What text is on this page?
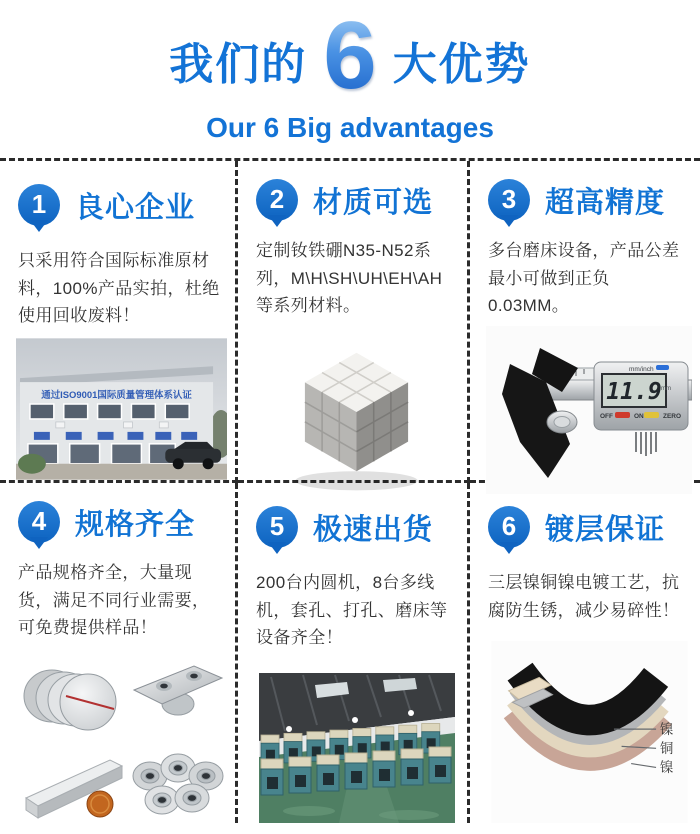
我们的 6 大优势
Our 6 Big advantages
1 良心企业

只采用符合国际标准原材料，100%产品实拍，杜绝使用回收废料！

通过ISO9001国际质量管理体系认证
2 材质可选

定制钕铁硼N35-N52系列，M\H\SH\UH\EH\AH等系列材料。

3 超高精度

多台磨床设备，产品公差最小可做到正负0.03MM。

mm/inch
11.9 mm
OFF	ON	ZERO
4 规格齐全

产品规格齐全，大量现货，满足不同行业需要，可免费提供样品！

5 极速出货

200台内圆机，8台多线机，套孔、打孔、磨床等设备齐全！

6 镀层保证

三层镍铜镍电镀工艺，抗腐防生锈，减少易碎性！

镍
铜
镍
